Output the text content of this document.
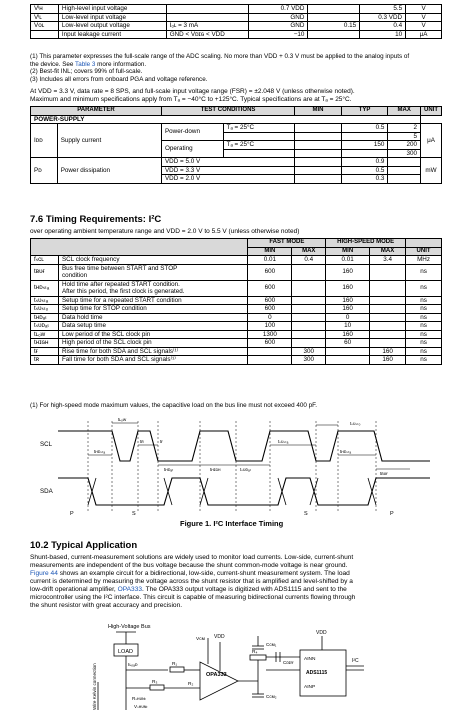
Vᴵʜ	High-level input voltage		0.7 VDD		5.5	V
Vᴵʟ	Low-level input voltage		GND		0.3 VDD	V
Vᴏʟ	Low-level output voltage	Iₒʟ = 3 mA	GND	0.15	0.4	V
	Input leakage current	GND < Vᴅɪɢ < VDD	−10		10	μA
(1) This parameter expresses the full-scale range of the ADC scaling. No more than VDD + 0.3 V must be applied to the analog inputs of
the device. See Table 3 more information.
(2) Best-fit INL; covers 99% of full-scale.
(3) Includes all errors from onboard PGA and voltage reference.
At VDD = 3.3 V, data rate = 8 SPS, and full-scale input voltage range (FSR) = ±2.048 V (unless otherwise noted).
Maximum and minimum specifications apply from Tₐ = −40°C to +125°C. Typical specifications are at Tₐ = 25°C.
PARAMETER		TEST CONDITIONS		MIN	TYP	MAX	UNIT
POWER-SUPPLY							
Iᴅᴅ	Supply current	Power-down	Tₐ = 25°C		0.5	2	μA
						5	
		Operating	Tₐ = 25°C		150	200	
						300	
Pᴅ	Power dissipation	VDD = 5.0 V			0.9		mW
		VDD = 3.3 V			0.5		
		VDD = 2.0 V			0.3		
7.6 Timing Requirements: I²C
over operating ambient temperature range and VDD = 2.0 V to 5.5 V (unless otherwise noted)
		FAST MODE		HIGH-SPEED MODE		
		MIN	MAX	MIN	MAX	UNIT
fₛᴄʟ	SCL clock frequency	0.01	0.4	0.01	3.4	MHz
tʙᴜғ	Bus free time between START and STOP
condition	600		160		ns
tʜᴅₛₜₐ	Hold time after repeated START condition.
After this period, the first clock is generated.	600		160		ns
tₛᴜₛₜₐ	Setup time for a repeated START condition	600		160		ns
tₛᴜₛₜₒ	Setup time for STOP condition	600		160		ns
tʜᴅₐₜ	Data hold time	0		0		ns
tₛᴜᴅₐₜ	Data setup time	100		10		ns
tʟₒᴡ	Low period of the SCL clock pin	1300		160		ns
tʜɪɢʜ	High period of the SCL clock pin	600		60		ns
tғ	Rise time for both SDA and SCL signals⁽¹⁾		300		160	ns
tʀ	Fall time for both SDA and SCL signals⁽¹⁾		300		160	ns
(1) For high-speed mode maximum values, the capacitive load on the bus line must not exceed 400 pF.
SCL
SDA
tʟₒᴡ
tʀ	tғ
tʜᴅₛₜₐ
tʜᴅₐₜ	tʜɪɢʜ	tₛᴜᴅₐₜ
tₛᴜₛₜₐ
tʜᴅₛₜₐ
tₛᴜₛₜₒ
tʙᴜғ
P	S	S	P
Figure 1. I²C Interface Timing
10.2 Typical Application
Shunt-based, current-measurement solutions are widely used to monitor load currents. Low-side, current-shunt
measurements are independent of the bus voltage because the shunt common-mode voltage is near ground.
Figure 44 shows an example circuit for a bidirectional, low-side, current-shunt measurement system. The load
current is determined by measuring the voltage across the shunt resistor that is amplified and level-shifted by a
low-drift operational amplifier, OPA333. The OPA333 output voltage is digitized with ADS1115 and sent to the
microcontroller using the I²C interface. This circuit is capable of measuring bidirectional currents flowing through
the shunt resistor with great accuracy and precision.
High-Voltage Bus
LOAD
Iʟₒₐᴅ
Vᴄᴍ VDD
Cᴄᴍ₁
R₄
Cᴅɪғғ
VDD
AINN
ADS1115
AINP
I²C
OPA333
R₁
R₃	R₂
Cᴄᴍ₂
Rₛʜᴜɴₜ
Vₛʜᴜɴₜ
Wire Kelvin connection
